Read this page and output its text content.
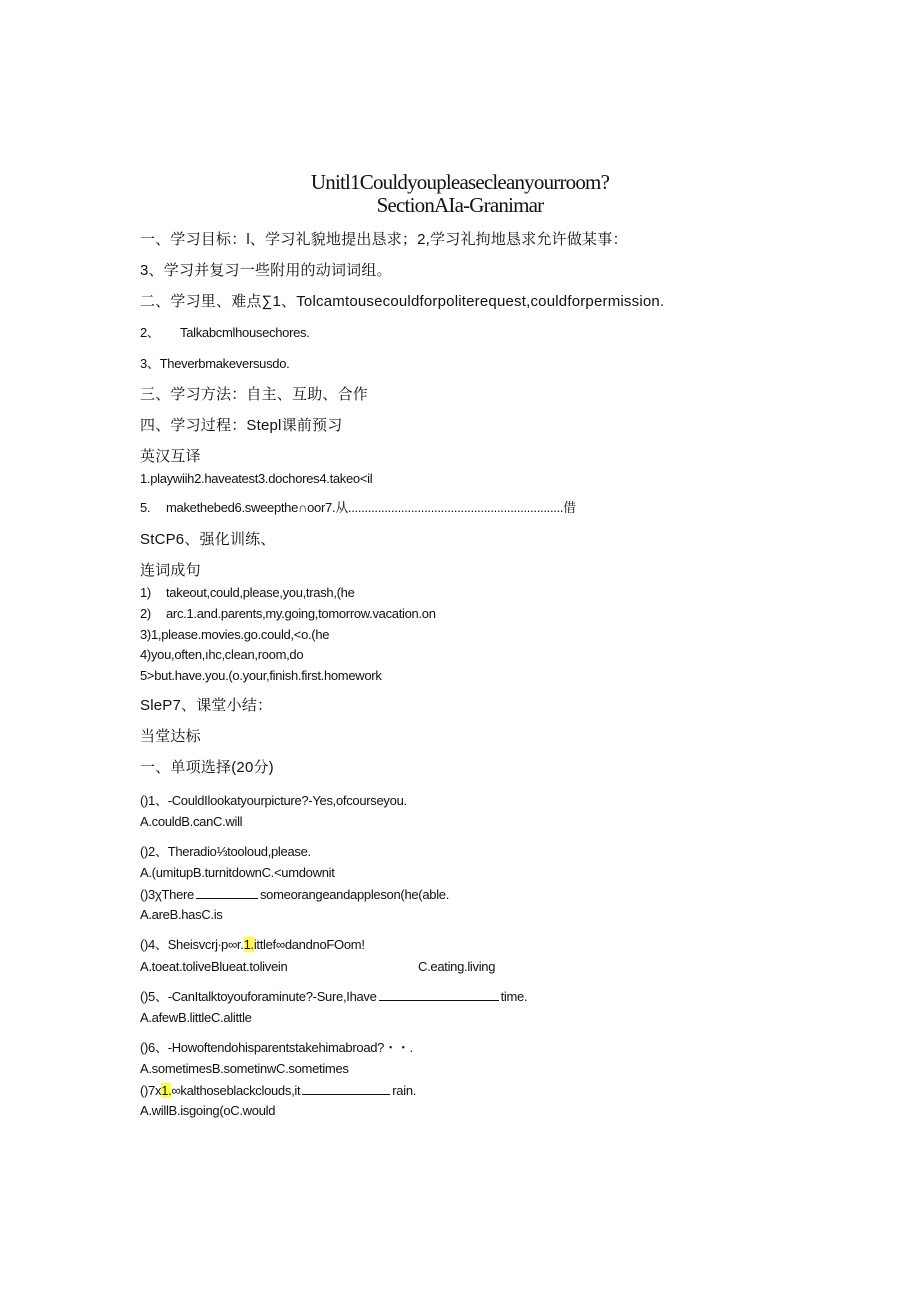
Unitl1Couldyoupleasecleanyourroom?
SectionAIa-Granimar
一、学习目标：l、学习礼貌地提出恳求；2,学习礼拘地恳求允许做某事：
3、学习并复习一些附用的动词词组。
二、学习里、难点∑1、Tolcamtousecouldforpoliterequest,couldforpermission.
2、 Talkabcmlhousechores.
3、Theverbmakeversusdo.
三、学习方法：自主、互助、合作
四、学习过程：Stepl课前预习
英汉互译
1.playwiih2.haveatest3.dochores4.takeo<il
5. makethebed6.sweepthe∩oor7.从.................................................................借
StCP6、强化训练、
连词成句
1) takeout,could,please,you,trash,(he
2) arc.1.and.parents,my.going,tomorrow.vacation.on
3)1,please.movies.go.could,<o.(he
4)you,often,ıhc,clean,room,do
5>but.have.you.(o.your,finish.first.homework
SleP7、课堂小结：
当堂达标
一、单项选择(20分)
()1、-CouldIlookatyourpicture?-Yes,ofcourseyou.
A.couldB.canC.will
()2、Theradio⅓tooloud,please.
A.(umitupB.turnitdownC.<umdownit
()3χThere	someorangeandappleson(he(able.
A.areB.hasC.is
()4、Sheisvcrj∙p∞r.1.ittlef∞dandnoFOom!
A.toeat.toliveBlueat.tolivein	C.eating.living
()5、-CanItalktoyouforaminute?-Sure,Ihave	time.
A.afewB.littleC.alittle
()6、-Howoftendohisparentstakehimabroad?・・.
A.sometimesB.sometinwC.sometimes
()7x1.∞kalthoseblackclouds,it	rain.
A.willB.isgoing(oC.would
